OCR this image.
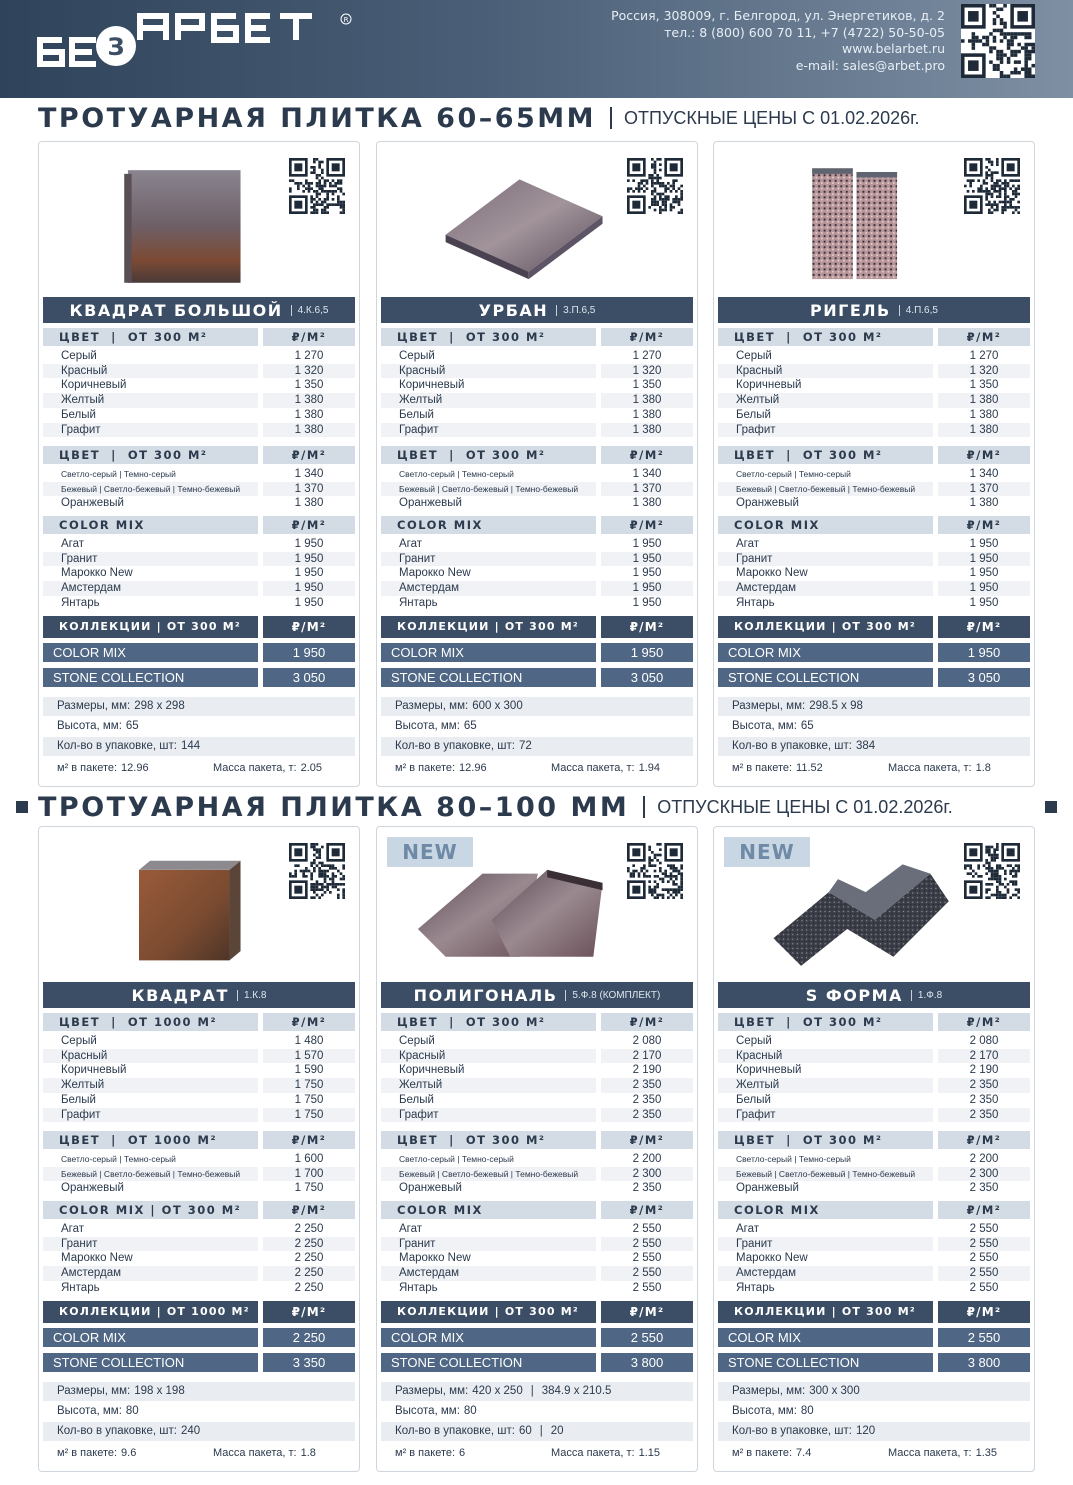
З
R	Россия, 308009, г. Белгород, ул. Энергетиков, д. 2
тел.: 8 (800) 600 70 11, +7 (4722) 50-50-05
www.belarbet.ru
e-mail: sales@arbet.pro
ТРОТУАРНАЯ ПЛИТКА 60–65ММ ОТПУСКНЫЕ ЦЕНЫ С 01.02.2026г.
ТРОТУАРНАЯ ПЛИТКА 80–100 ММ ОТПУСКНЫЕ ЦЕНЫ С 01.02.2026г.
КВАДРАТ БОЛЬШОЙ	4.К.6,5
ЦВЕТ  |  ОТ 300 М²	₽/М²
Серый	1 270
Красный	1 320
Коричневый	1 350
Желтый	1 380
Белый	1 380
Графит	1 380
ЦВЕТ  |  ОТ 300 М²	₽/М²
Светло-серый | Темно-серый	1 340
Бежевый | Светло-бежевый | Темно-бежевый	1 370
Оранжевый	1 380
COLOR MIX	₽/М²
Агат	1 950
Гранит	1 950
Марокко New	1 950
Амстердам	1 950
Янтарь	1 950
КОЛЛЕКЦИИ | ОТ 300 М²	₽/М²
COLOR MIX	1 950
STONE COLLECTION	3 050
Размеры, мм: 298 х 298
Высота, мм: 65
Кол-во в упаковке, шт: 144
м² в пакете: 12.96	Масса пакета, т: 2.05
УРБАН	3.П.6,5
ЦВЕТ  |  ОТ 300 М²	₽/М²
Серый	1 270
Красный	1 320
Коричневый	1 350
Желтый	1 380
Белый	1 380
Графит	1 380
ЦВЕТ  |  ОТ 300 М²	₽/М²
Светло-серый | Темно-серый	1 340
Бежевый | Светло-бежевый | Темно-бежевый	1 370
Оранжевый	1 380
COLOR MIX	₽/М²
Агат	1 950
Гранит	1 950
Марокко New	1 950
Амстердам	1 950
Янтарь	1 950
КОЛЛЕКЦИИ | ОТ 300 М²	₽/М²
COLOR MIX	1 950
STONE COLLECTION	3 050
Размеры, мм: 600 х 300
Высота, мм: 65
Кол-во в упаковке, шт: 72
м² в пакете: 12.96	Масса пакета, т: 1.94
РИГЕЛЬ	4.П.6,5
ЦВЕТ  |  ОТ 300 М²	₽/М²
Серый	1 270
Красный	1 320
Коричневый	1 350
Желтый	1 380
Белый	1 380
Графит	1 380
ЦВЕТ  |  ОТ 300 М²	₽/М²
Светло-серый | Темно-серый	1 340
Бежевый | Светло-бежевый | Темно-бежевый	1 370
Оранжевый	1 380
COLOR MIX	₽/М²
Агат	1 950
Гранит	1 950
Марокко New	1 950
Амстердам	1 950
Янтарь	1 950
КОЛЛЕКЦИИ | ОТ 300 М²	₽/М²
COLOR MIX	1 950
STONE COLLECTION	3 050
Размеры, мм: 298.5 х 98
Высота, мм: 65
Кол-во в упаковке, шт: 384
м² в пакете: 11.52	Масса пакета, т: 1.8
КВАДРАТ	1.К.8
ЦВЕТ  |  ОТ 1000 М²	₽/М²
Серый	1 480
Красный	1 570
Коричневый	1 590
Желтый	1 750
Белый	1 750
Графит	1 750
ЦВЕТ  |  ОТ 1000 М²	₽/М²
Светло-серый | Темно-серый	1 600
Бежевый | Светло-бежевый | Темно-бежевый	1 700
Оранжевый	1 750
COLOR MIX | ОТ 300 М²	₽/М²
Агат	2 250
Гранит	2 250
Марокко New	2 250
Амстердам	2 250
Янтарь	2 250
КОЛЛЕКЦИИ | ОТ 1000 М²	₽/М²
COLOR MIX	2 250
STONE COLLECTION	3 350
Размеры, мм: 198 х 198
Высота, мм: 80
Кол-во в упаковке, шт: 240
м² в пакете: 9.6	Масса пакета, т: 1.8
NEW
ПОЛИГОНАЛЬ	5.Ф.8 (КОМПЛЕКТ)
ЦВЕТ  |  ОТ 300 М²	₽/М²
Серый	2 080
Красный	2 170
Коричневый	2 190
Желтый	2 350
Белый	2 350
Графит	2 350
ЦВЕТ  |  ОТ 300 М²	₽/М²
Светло-серый | Темно-серый	2 200
Бежевый | Светло-бежевый | Темно-бежевый	2 300
Оранжевый	2 350
COLOR MIX	₽/М²
Агат	2 550
Гранит	2 550
Марокко New	2 550
Амстердам	2 550
Янтарь	2 550
КОЛЛЕКЦИИ | ОТ 300 М²	₽/М²
COLOR MIX	2 550
STONE COLLECTION	3 800
Размеры, мм: 420 х 250 | 384.9 х 210.5
Высота, мм: 80
Кол-во в упаковке, шт: 60 | 20
м² в пакете: 6	Масса пакета, т: 1.15
NEW
S ФОРМА	1.Ф.8
ЦВЕТ  |  ОТ 300 М²	₽/М²
Серый	2 080
Красный	2 170
Коричневый	2 190
Желтый	2 350
Белый	2 350
Графит	2 350
ЦВЕТ  |  ОТ 300 М²	₽/М²
Светло-серый | Темно-серый	2 200
Бежевый | Светло-бежевый | Темно-бежевый	2 300
Оранжевый	2 350
COLOR MIX	₽/М²
Агат	2 550
Гранит	2 550
Марокко New	2 550
Амстердам	2 550
Янтарь	2 550
КОЛЛЕКЦИИ | ОТ 300 М²	₽/М²
COLOR MIX	2 550
STONE COLLECTION	3 800
Размеры, мм: 300 х 300
Высота, мм: 80
Кол-во в упаковке, шт: 120
м² в пакете: 7.4	Масса пакета, т: 1.35
